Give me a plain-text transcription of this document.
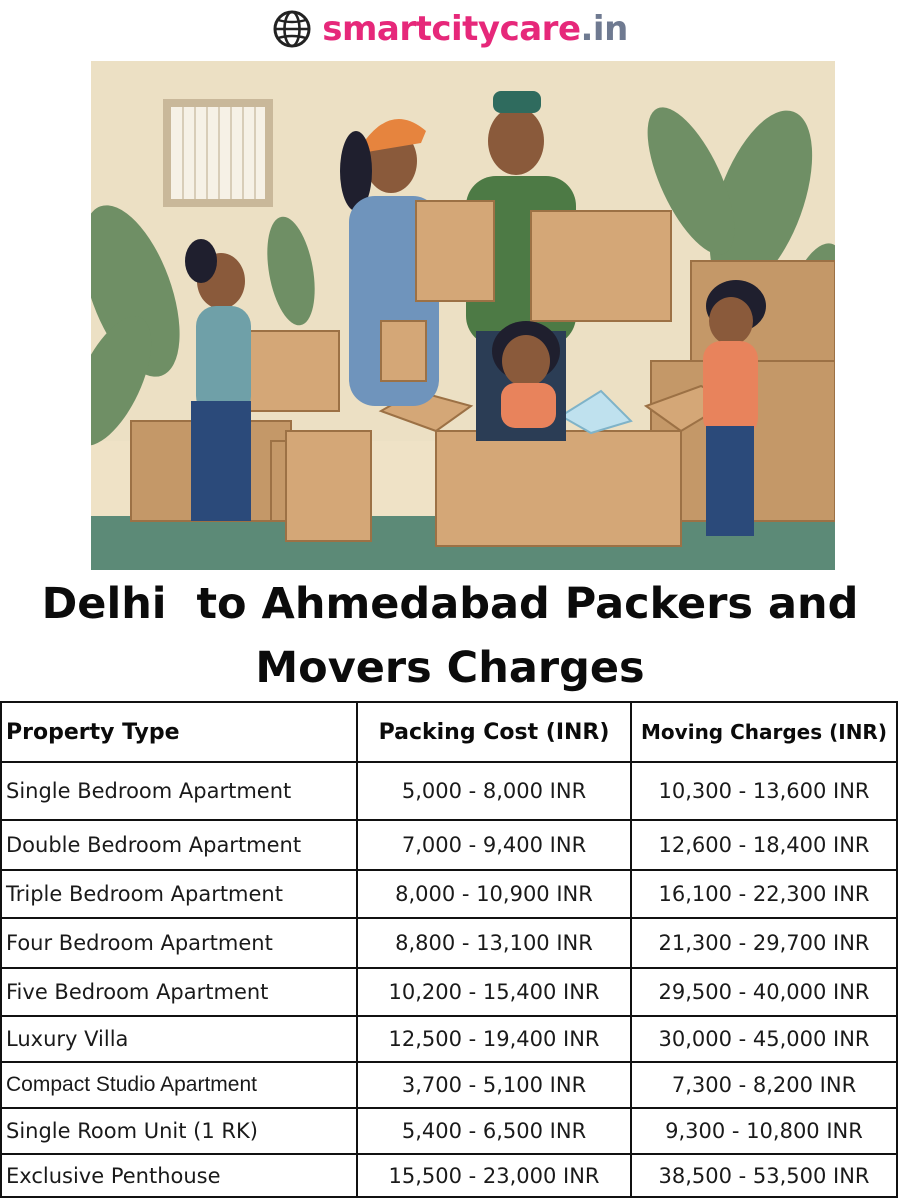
smartcitycare.in
Delhi  to Ahmedabad Packers and
Movers Charges
Property Type	Packing Cost (INR)	Moving Charges (INR)
Single Bedroom Apartment	5,000 - 8,000 INR	10,300 - 13,600 INR
Double Bedroom Apartment	7,000 - 9,400 INR	12,600 - 18,400 INR
Triple Bedroom Apartment	8,000 - 10,900 INR	16,100 - 22,300 INR
Four Bedroom Apartment	8,800 - 13,100 INR	21,300 - 29,700 INR
Five Bedroom Apartment	10,200 - 15,400 INR	29,500 - 40,000 INR
Luxury Villa	12,500 - 19,400 INR	30,000 - 45,000 INR
Compact Studio Apartment	3,700 - 5,100 INR	7,300 - 8,200 INR
Single Room Unit (1 RK)	5,400 - 6,500 INR	9,300 - 10,800 INR
Exclusive Penthouse	15,500 - 23,000 INR	38,500 - 53,500 INR
